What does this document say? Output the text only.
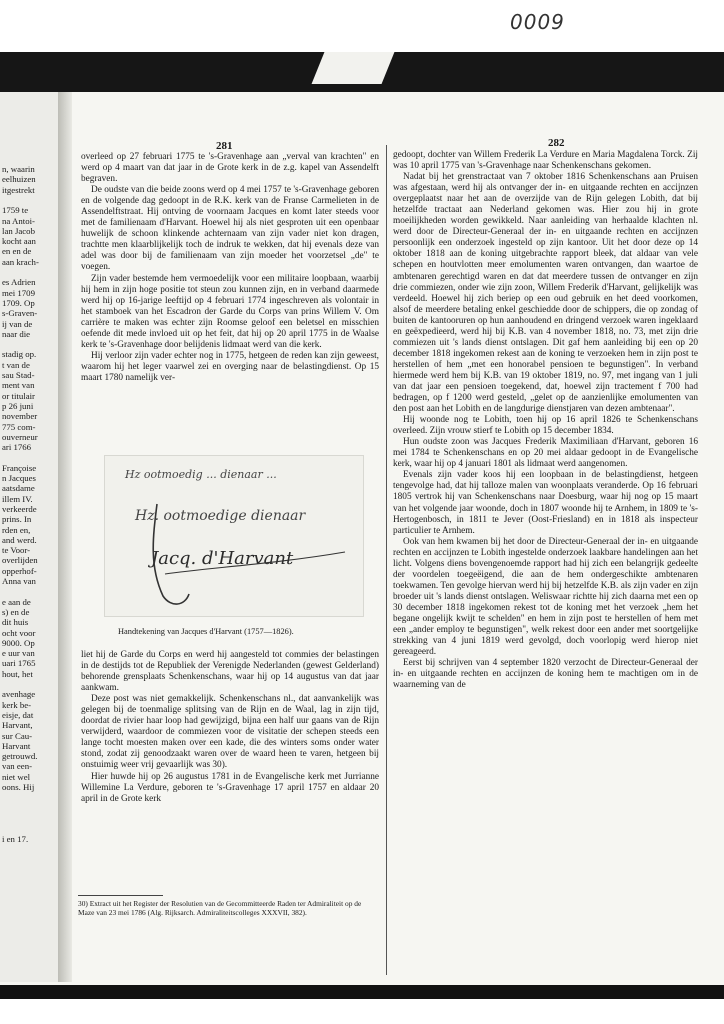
0009
n, waarin
eelhuizen
itgestrekt
1759 te
na Antoi-
lan Jacob
kocht aan
en en de
aan krach-
es Adrien
mei 1709
1709. Op
s-Graven-
ij van de
naar die
stadig op.
t van de
sau Stad-
ment van
or titulair
p 26 juni
november
775 com-
ouverneur
ari 1766
Françoise
n Jacques
aatsdame
illem IV.
verkeerde
prins. In
rden en,
and werd.
te Voor-
overlijden
opperhof-
Anna van
e aan de
s) en de
dit huis
ocht voor
9000. Op
e uur van
uari 1765
hout, het
avenhage
kerk be-
eisje, dat
Harvant,
sur Cau-
Harvant
getrouwd.
van een-
niet wel
oons. Hij
i en 17.
281	282

overleed op 27 februari 1775 te 's-Gravenhage aan „verval van krachten" en werd op 4 maart van dat jaar in de Grote kerk in de z.g. kapel van Assendelft begraven.

De oudste van die beide zoons werd op 4 mei 1757 te 's-Gravenhage geboren en de volgende dag gedoopt in de R.K. kerk van de Franse Carmelieten in de Assendelftstraat. Hij ontving de voornaam Jacques en komt later steeds voor met de familienaam d'Harvant. Hoewel hij als niet gesproten uit een openbaar huwelijk de schoon klinkende achternaam van zijn vader niet kon dragen, trachtte men klaarblijkelijk toch de indruk te wekken, dat hij evenals deze van adel was door bij de familienaam van zijn moeder het voorzetsel „de" te voegen.

Zijn vader bestemde hem vermoedelijk voor een militaire loopbaan, waarbij hij hem in zijn hoge positie tot steun zou kunnen zijn, en in verband daarmede werd hij op 16-jarige leeftijd op 4 februari 1774 ingeschreven als volontair in het stamboek van het Escadron der Garde du Corps van prins Willem V. Om carrière te maken was echter zijn Roomse geloof een beletsel en misschien oefende dit mede invloed uit op het feit, dat hij op 20 april 1775 in de Waalse kerk te 's-Gravenhage door belijdenis lidmaat werd van die kerk.

Hij verloor zijn vader echter nog in 1775, hetgeen de reden kan zijn geweest, waarom hij het leger vaarwel zei en overging naar de belastingdienst. Op 15 maart 1780 namelijk ver-

Hz ootmoedig ... dienaar ...
Hz. ootmoedige dienaar
Jacq. d'Harvant
Handtekening van Jacques d'Harvant (1757—1826).

liet hij de Garde du Corps en werd hij aangesteld tot commies der belastingen in de destijds tot de Republiek der Verenigde Nederlanden (gewest Gelderland) behorende grensplaats Schenkenschans, waar hij op 14 augustus van dat jaar aankwam.

Deze post was niet gemakkelijk. Schenkenschans nl., dat aanvankelijk was gelegen bij de toenmalige splitsing van de Rijn en de Waal, lag in zijn tijd, doordat de rivier haar loop had gewijzigd, bijna een half uur gaans van de Rijn verwijderd, waardoor de commiezen voor de visitatie der schepen steeds een lange tocht moesten maken over een kade, die des winters soms onder water stond, zodat zij genoodzaakt waren over de waard heen te varen, hetgeen bij onstuimig weer vrij gevaarlijk was 30).

Hier huwde hij op 26 augustus 1781 in de Evangelische kerk met Jurrianne Willemine La Verdure, geboren te 's-Gravenhage 17 april 1757 en aldaar 20 april in de Grote kerk

30) Extract uit het Register der Resolutien van de Gecommitteerde Raden ter Admiraliteit op de Maze van 23 mei 1786 (Alg. Rijksarch. Admiraliteitscolleges XXXVII, 382).

gedoopt, dochter van Willem Frederik La Verdure en Maria Magdalena Torck. Zij was 10 april 1775 van 's-Gravenhage naar Schenkenschans gekomen.

Nadat bij het grenstractaat van 7 oktober 1816 Schenkenschans aan Pruisen was afgestaan, werd hij als ontvanger der in- en uitgaande rechten en accijnzen overgeplaatst naar het aan de overzijde van de Rijn gelegen Lobith, dat bij hetzelfde tractaat aan Nederland gekomen was. Hier zou hij in grote moeilijkheden worden gewikkeld. Naar aanleiding van herhaalde klachten nl. werd door de Directeur-Generaal der in- en uitgaande rechten en accijnzen persoonlijk een onderzoek ingesteld op zijn kantoor. Uit het door deze op 14 oktober 1818 aan de koning uitgebrachte rapport bleek, dat aldaar van vele schepen en houtvlotten meer emolumenten waren ontvangen, dan waartoe de ambtenaren gerechtigd waren en dat dat meerdere tussen de ontvanger en zijn drie commiezen, onder wie zijn zoon, Willem Frederik d'Harvant, gelijkelijk was verdeeld. Hoewel hij zich beriep op een oud gebruik en het deed voorkomen, alsof de meerdere betaling enkel geschiedde door de schippers, die op zondag of buiten de kantooruren op hun aanhoudend en dringend verzoek waren ingeklaard en geëxpedieerd, werd hij bij K.B. van 4 november 1818, no. 73, met zijn drie commiezen uit 's lands dienst ontslagen. Dit gaf hem aanleiding bij een op 20 december 1818 ingekomen rekest aan de koning te verzoeken hem in zijn post te herstellen of hem „met een honorabel pensioen te begunstigen". In verband hiermede werd hem bij K.B. van 19 oktober 1819, no. 97, met ingang van 1 juli van dat jaar een pensioen toegekend, dat, hoewel zijn tractement f 700 had bedragen, op f 1200 werd gesteld, „gelet op de aanzienlijke emolumenten van den post aan het Lobith en de langdurige dienstjaren van dezen ambtenaar".

Hij woonde nog te Lobith, toen hij op 16 april 1826 te Schenkenschans overleed. Zijn vrouw stierf te Lobith op 15 december 1834.

Hun oudste zoon was Jacques Frederik Maximiliaan d'Harvant, geboren 16 mei 1784 te Schenkenschans en op 20 mei aldaar gedoopt in de Evangelische kerk, waar hij op 4 januari 1801 als lidmaat werd aangenomen.

Evenals zijn vader koos hij een loopbaan in de belastingdienst, hetgeen tengevolge had, dat hij talloze malen van woonplaats veranderde. Op 16 februari 1805 vertrok hij van Schenkenschans naar Doesburg, waar hij nog op 15 maart van het volgende jaar woonde, doch in 1807 woonde hij te Arnhem, in 1809 te 's-Hertogenbosch, in 1811 te Jever (Oost-Friesland) en in 1818 als inspecteur particulier te Arnhem.

Ook van hem kwamen bij het door de Directeur-Generaal der in- en uitgaande rechten en accijnzen te Lobith ingestelde onderzoek laakbare handelingen aan het licht. Volgens diens bovengenoemde rapport had hij zich een belangrijk gedeelte der voordelen toegeëigend, die aan de hem ondergeschikte ambtenaren toekwamen. Ten gevolge hiervan werd hij bij hetzelfde K.B. als zijn vader en zijn broeder uit 's lands dienst ontslagen. Weliswaar richtte hij zich daarna met een op 30 december 1818 ingekomen rekest tot de koning met het verzoek „hem het begane ongelijk kwijt te schelden" en hem in zijn post te herstellen of hem met een „ander employ te begunstigen", welk rekest door een ander met soortgelijke strekking van 4 juni 1819 werd gevolgd, doch voorlopig werd hierop niet gereageerd.

Eerst bij schrijven van 4 september 1820 verzocht de Directeur-Generaal der in- en uitgaande rechten en accijnzen de koning hem te machtigen om in de waarneming van de
